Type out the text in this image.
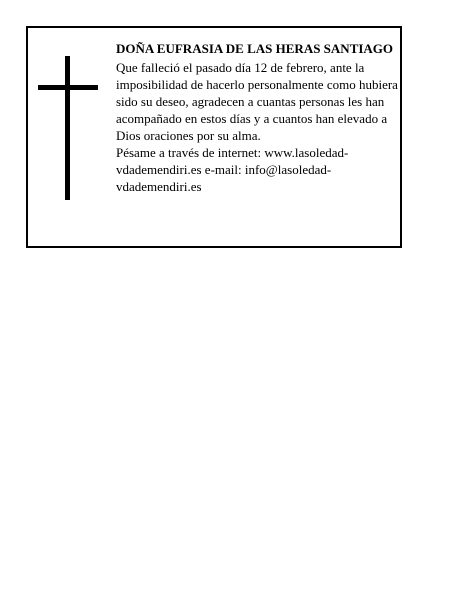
DOÑA EUFRASIA DE LAS HERAS SANTIAGO

Que falleció el pasado día 12 de febrero, ante la imposibilidad de hacerlo personalmente como hubiera sido su deseo, agradecen a cuantas personas les han acompañado en estos días y a cuantos han elevado a Dios oraciones por su alma.

Pésame a través de internet: www.lasoledad-vdademendiri.es e-mail: info@lasoledad-vdademendiri.es
